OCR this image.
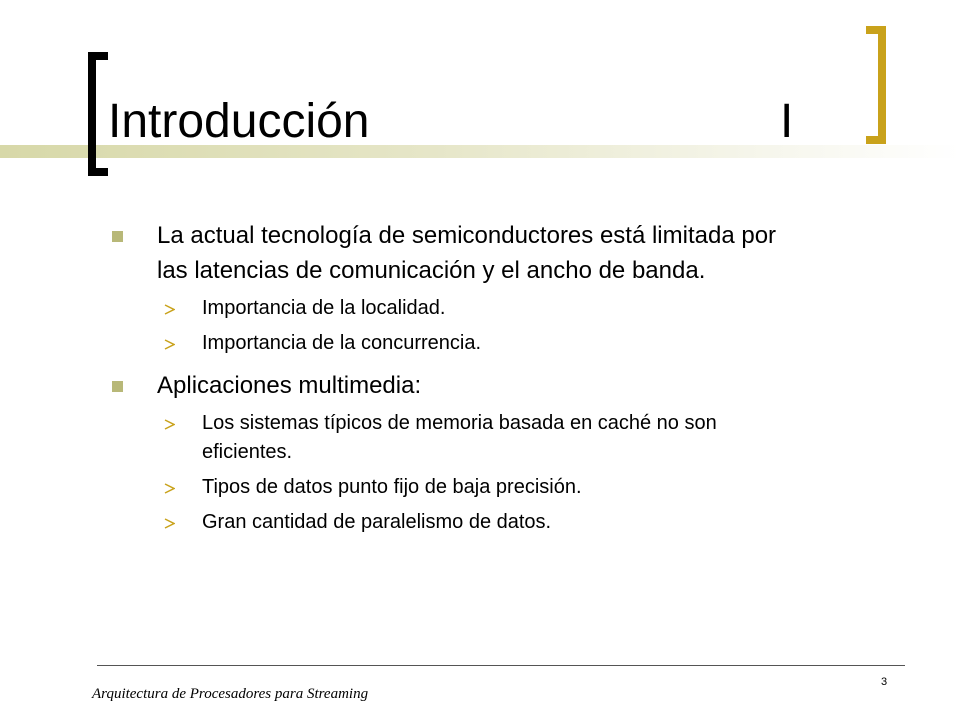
Introducción	I
La actual tecnología de semiconductores está limitada por las latencias de comunicación y el ancho de banda.
Importancia de la localidad.
Importancia de la concurrencia.
Aplicaciones multimedia:
Los sistemas típicos de memoria basada en caché no son eficientes.
Tipos de datos punto fijo de baja precisión.
Gran cantidad de paralelismo de datos.
Arquitectura de Procesadores para Streaming
3
